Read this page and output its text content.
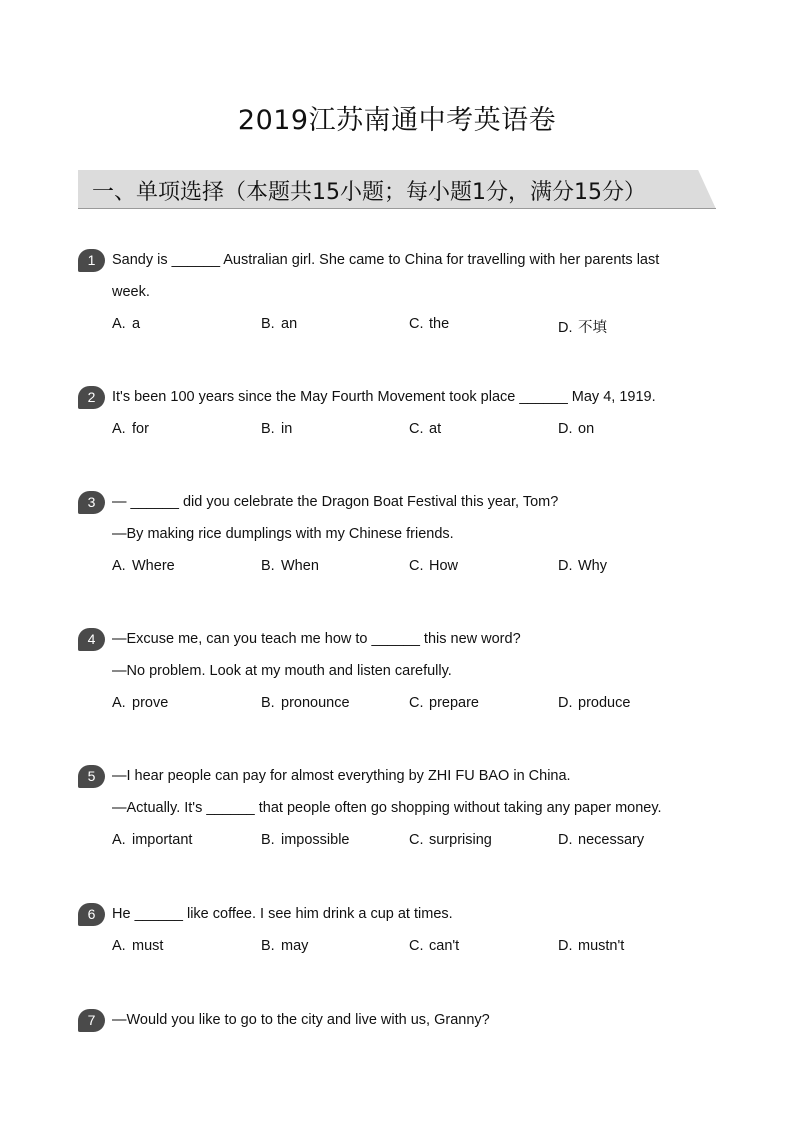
2019江苏南通中考英语卷
一、单项选择（本题共15小题；每小题1分，满分15分）
1	Sandy is ______ Australian girl. She came to China for travelling with her parents last
week.
A. a	B. an	C. the	D. 不填
2	It's been 100 years since the May Fourth Movement took place ______ May 4, 1919.
A. for	B. in	C. at	D. on
3	— ______ did you celebrate the Dragon Boat Festival this year, Tom?
—By making rice dumplings with my Chinese friends.
A. Where	B. When	C. How	D. Why
4	—Excuse me, can you teach me how to ______ this new word?
—No problem. Look at my mouth and listen carefully.
A. prove	B. pronounce	C. prepare	D. produce
5	—I hear people can pay for almost everything by ZHI FU BAO in China.
—Actually. It's ______ that people often go shopping without taking any paper money.
A. important	B. impossible	C. surprising	D. necessary
6	He ______ like coffee. I see him drink a cup at times.
A. must	B. may	C. can't	D. mustn't
7	—Would you like to go to the city and live with us, Granny?
